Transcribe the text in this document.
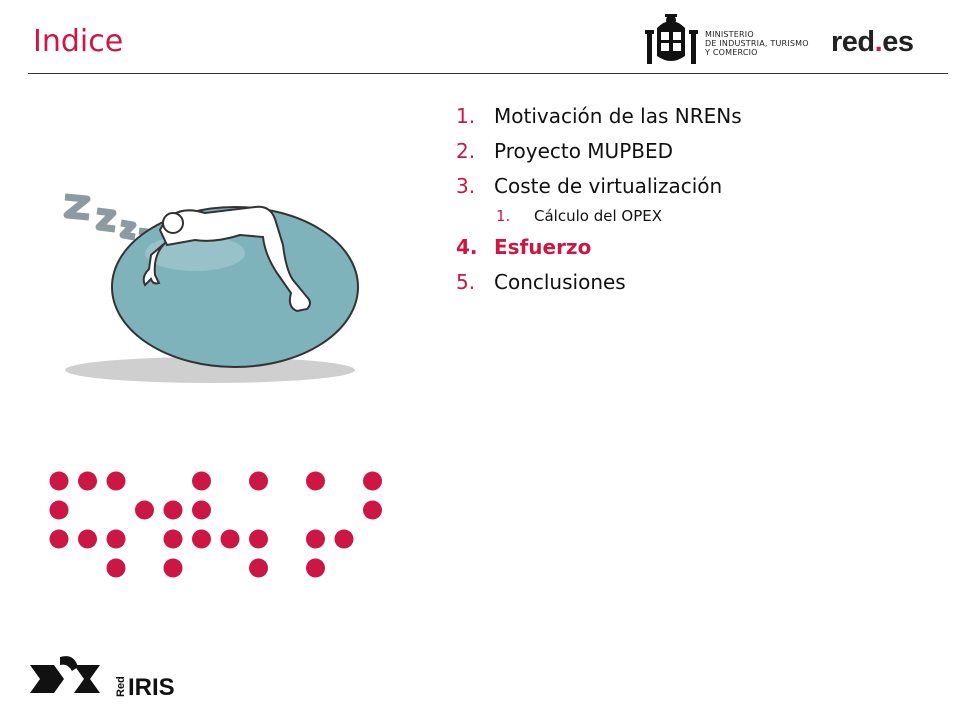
Indice	MINISTERIO
DE INDUSTRIA, TURISMO
Y COMERCIO	red.es
1. Motivación de las NRENs
2. Proyecto MUPBED
3. Coste de virtualización
1.	Cálculo del OPEX
4. Esfuerzo
5. Conclusiones
Red IRIS
